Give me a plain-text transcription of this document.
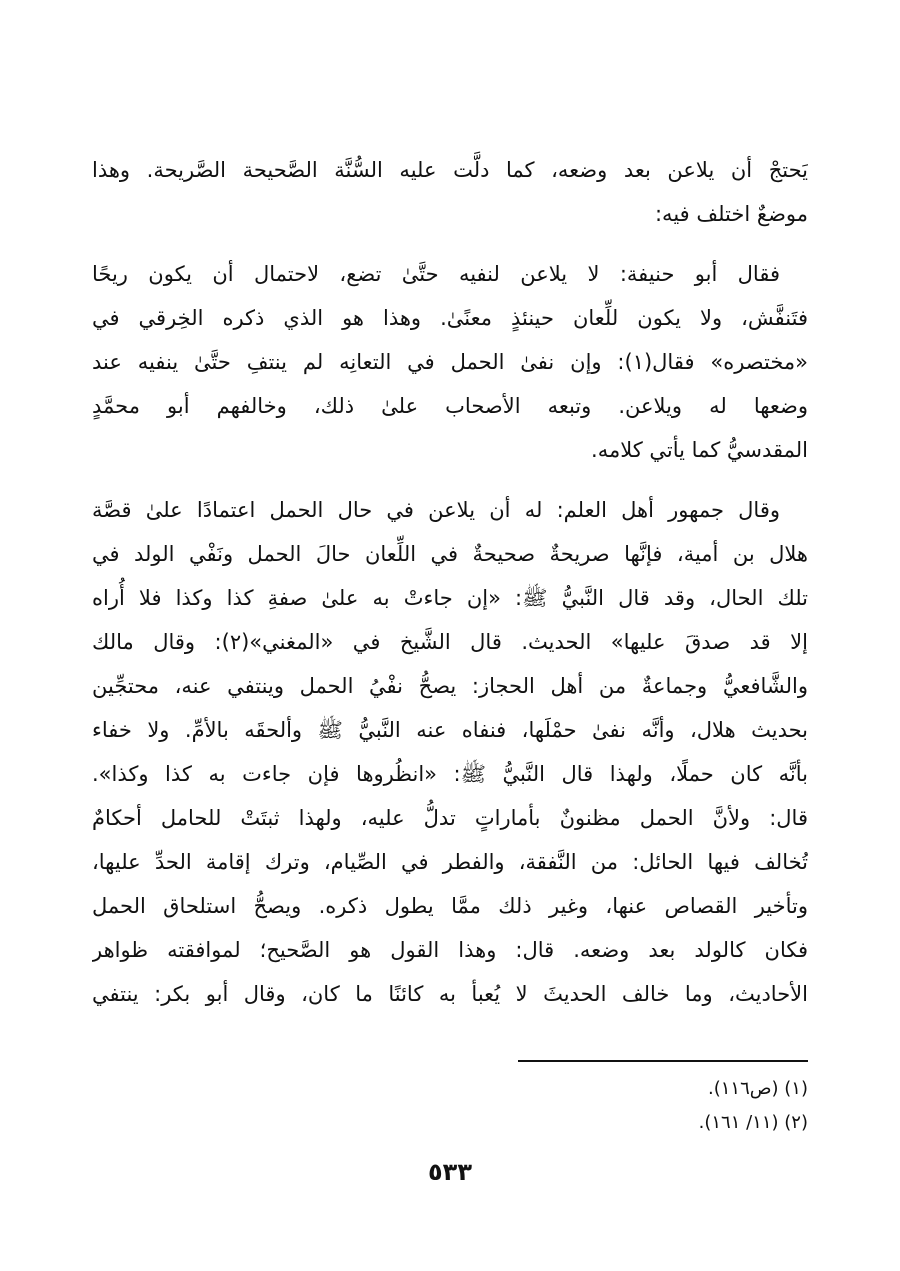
يَحتجْ أن يلاعن بعد وضعه، كما دلَّت عليه السُّنَّة الصَّحيحة الصَّريحة. وهذا
موضعٌ اختلف فيه:
فقال أبو حنيفة: لا يلاعن لنفيه حتَّىٰ تضع، لاحتمال أن يكون ريحًا
فتَنفَّش، ولا يكون للِّعان حينئذٍ معنًىٰ. وهذا هو الذي ذكره الخِرقي في
«مختصره» فقال(١): وإن نفىٰ الحمل في التعانِه لم ينتفِ حتَّىٰ ينفيه عند
وضعها له ويلاعن. وتبعه الأصحاب علىٰ ذلك، وخالفهم أبو محمَّدٍ
المقدسيُّ كما يأتي كلامه.
وقال جمهور أهل العلم: له أن يلاعن في حال الحمل اعتمادًا علىٰ قصَّة
هلال بن أمية، فإنَّها صريحةٌ صحيحةٌ في اللِّعان حالَ الحمل ونَفْي الولد في
تلك الحال، وقد قال النَّبيُّ ﷺ: «إن جاءتْ به علىٰ صفةِ كذا وكذا فلا أُراه
إلا قد صدقَ عليها» الحديث. قال الشَّيخ في «المغني»(٢): وقال مالك
والشَّافعيُّ وجماعةٌ من أهل الحجاز: يصحُّ نفْيُ الحمل وينتفي عنه، محتجِّين
بحديث هلال، وأنَّه نفىٰ حمْلَها، فنفاه عنه النَّبيُّ ﷺ وألحقَه بالأمِّ. ولا خفاء
بأنَّه كان حملًا، ولهذا قال النَّبيُّ ﷺ: «انظُروها فإن جاءت به كذا وكذا».
قال: ولأنَّ الحمل مظنونٌ بأماراتٍ تدلُّ عليه، ولهذا ثبتَتْ للحامل أحكامٌ
تُخالف فيها الحائل: من النَّفقة، والفطر في الصِّيام، وترك إقامة الحدِّ عليها،
وتأخير القصاص عنها، وغير ذلك ممَّا يطول ذكره. ويصحُّ استلحاق الحمل
فكان كالولد بعد وضعه. قال: وهذا القول هو الصَّحيح؛ لموافقته ظواهر
الأحاديث، وما خالف الحديثَ لا يُعبأ به كائنًا ما كان، وقال أبو بكر: ينتفي
(١) (ص١١٦).
(٢) (١١/ ١٦١).
٥٣٣
